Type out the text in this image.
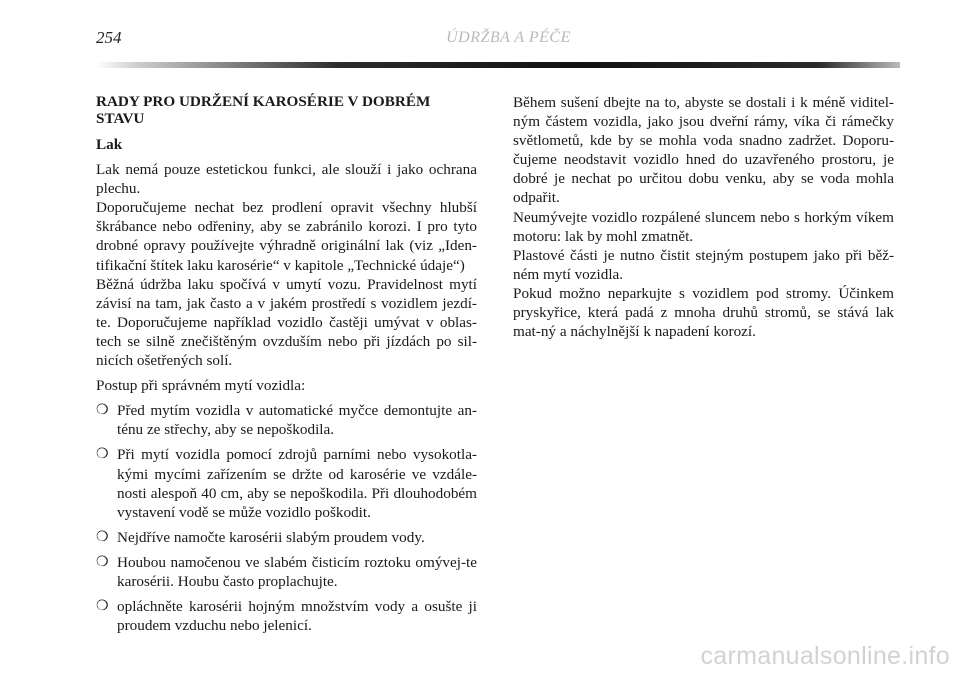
254	ÚDRŽBA A PÉČE
RADY PRO UDRŽENÍ KAROSÉRIE V DOBRÉM STAVU
Lak

Lak nemá pouze estetickou funkci, ale slouží i jako ochrana plechu.

Doporučujeme nechat bez prodlení opravit všechny hlubší škrábance nebo odřeniny, aby se zabránilo korozi. I pro tyto drobné opravy používejte výhradně originální lak (viz „Iden-tifikační štítek laku karosérie“ v kapitole „Technické údaje“)

Běžná údržba laku spočívá v umytí vozu. Pravidelnost mytí závisí na tam, jak často a v jakém prostředí s vozidlem jezdí-te. Doporučujeme například vozidlo častěji umývat v oblas-tech se silně znečištěným ovzduším nebo při jízdách po sil-nicích ošetřených solí.

Postup při správném mytí vozidla:

❍ Před mytím vozidla v automatické myčce demontujte an-ténu ze střechy, aby se nepoškodila.
❍ Při mytí vozidla pomocí zdrojů parními nebo vysokotla-kými mycími zařízením se držte od karosérie ve vzdále-nosti alespoň 40 cm, aby se nepoškodila. Při dlouhodobém vystavení vodě se může vozidlo poškodit.
❍ Nejdříve namočte karosérii slabým proudem vody.
❍ Houbou namočenou ve slabém čisticím roztoku omývej-te karosérii. Houbu často proplachujte.
❍ opláchněte karosérii hojným množstvím vody a osušte ji proudem vzduchu nebo jelenicí.

Během sušení dbejte na to, abyste se dostali i k méně viditel-ným částem vozidla, jako jsou dveřní rámy, víka či rámečky světlometů, kde by se mohla voda snadno zadržet. Doporu-čujeme neodstavit vozidlo hned do uzavřeného prostoru, je dobré je nechat po určitou dobu venku, aby se voda mohla odpařit.

Neumývejte vozidlo rozpálené sluncem nebo s horkým víkem motoru: lak by mohl zmatnět.

Plastové části je nutno čistit stejným postupem jako při běž-ném mytí vozidla.

Pokud možno neparkujte s vozidlem pod stromy. Účinkem pryskyřice, která padá z mnoha druhů stromů, se stává lak mat-ný a náchylnější k napadení korozí.

carmanualsonline.info
